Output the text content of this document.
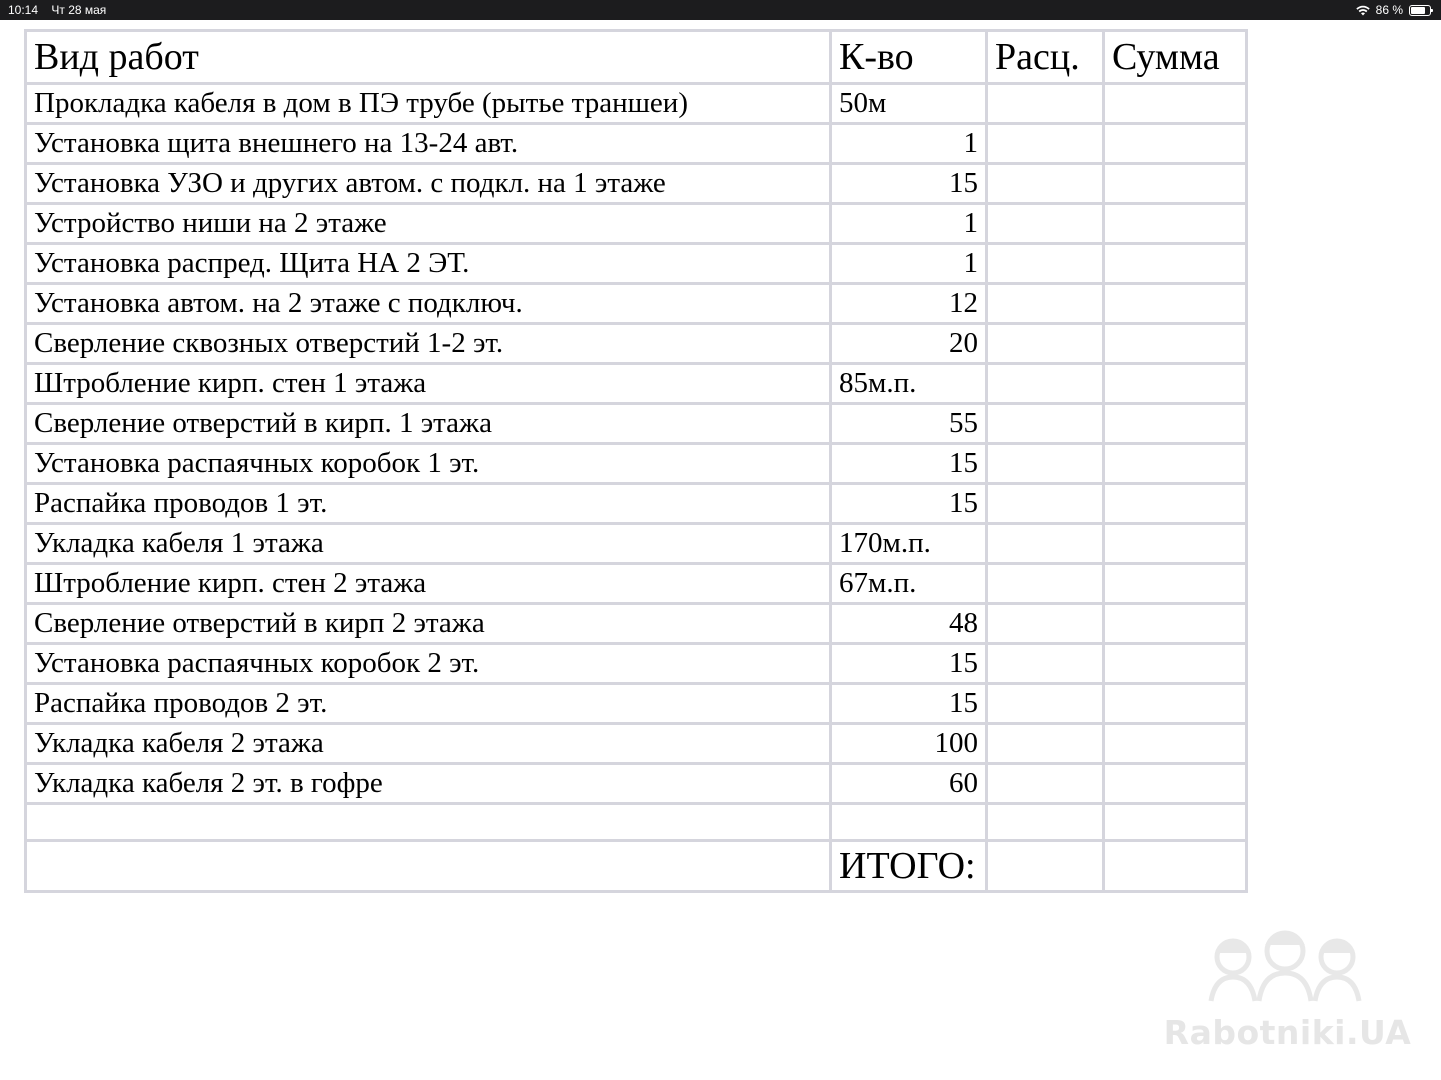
10:14 Чт 28 мая	86 %
Вид работ	К-во	Расц.	Сумма
Прокладка кабеля в дом в ПЭ трубе (рытье траншеи)	50м		
Установка щита внешнего на 13-24 авт.	1		
Установка УЗО и других автом. с подкл. на 1 этаже	15		
Устройство ниши на 2 этаже	1		
Установка распред. Щита НА 2 ЭТ.	1		
Установка автом. на 2 этаже с подключ.	12		
Сверление сквозных отверстий 1-2 эт.	20		
Штробление кирп. стен 1 этажа	85м.п.		
Сверление отверстий в кирп. 1 этажа	55		
Установка распаячных коробок 1 эт.	15		
Распайка проводов 1 эт.	15		
Укладка кабеля 1 этажа	170м.п.		
Штробление кирп. стен 2 этажа	67м.п.		
Сверление отверстий в кирп 2 этажа	48		
Установка распаячных коробок 2 эт.	15		
Распайка проводов 2 эт.	15		
Укладка кабеля 2 этажа	100		
Укладка кабеля 2 эт. в гофре	60		

	ИТОГО:		
Rabotniki.UA
